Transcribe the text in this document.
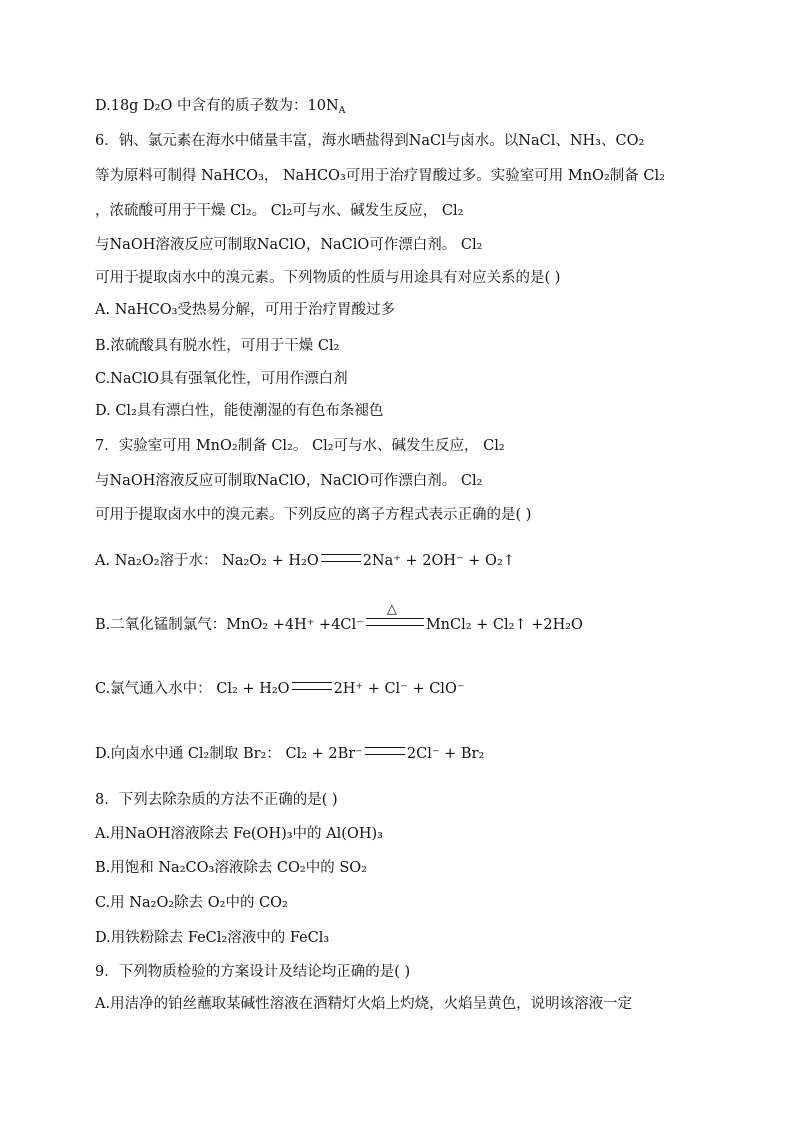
D.18g D₂O 中含有的质子数为：$10N_A$
6．钠、氯元素在海水中储量丰富，海水晒盐得到NaCl与卤水。以NaCl、NH₃、CO₂
等为原料可制得 NaHCO₃， NaHCO₃可用于治疗胃酸过多。实验室可用 MnO₂制备 Cl₂
，浓硫酸可用于干燥 Cl₂。 Cl₂可与水、碱发生反应， Cl₂
与NaOH溶液反应可制取NaClO，NaClO可作漂白剂。 Cl₂
可用于提取卤水中的溴元素。下列物质的性质与用途具有对应关系的是( )
A. NaHCO₃受热易分解，可用于治疗胃酸过多
B.浓硫酸具有脱水性，可用于干燥 Cl₂
C.NaClO具有强氧化性，可用作漂白剂
D. Cl₂具有漂白性，能使潮湿的有色布条褪色
7．实验室可用 MnO₂制备 Cl₂。 Cl₂可与水、碱发生反应， Cl₂
与NaOH溶液反应可制取NaClO，NaClO可作漂白剂。 Cl₂
可用于提取卤水中的溴元素。下列反应的离子方程式表示正确的是( )
A. Na₂O₂溶于水： Na₂O₂ + H₂O	2Na⁺ + 2OH⁻ + O₂↑
B.二氧化锰制氯气：MnO₂ +4H⁺ +4Cl⁻
△
MnCl₂ + Cl₂↑ +2H₂O
C.氯气通入水中： Cl₂ + H₂O	2H⁺ + Cl⁻ + ClO⁻
D.向卤水中通 Cl₂制取 Br₂： Cl₂ + 2Br⁻	2Cl⁻ + Br₂
8．下列去除杂质的方法不正确的是( )
A.用NaOH溶液除去 Fe(OH)₃中的 Al(OH)₃
B.用饱和 Na₂CO₃溶液除去 CO₂中的 SO₂
C.用 Na₂O₂除去 O₂中的 CO₂
D.用铁粉除去 FeCl₂溶液中的 FeCl₃
9．下列物质检验的方案设计及结论均正确的是( )
A.用洁净的铂丝蘸取某碱性溶液在酒精灯火焰上灼烧，火焰呈黄色，说明该溶液一定
